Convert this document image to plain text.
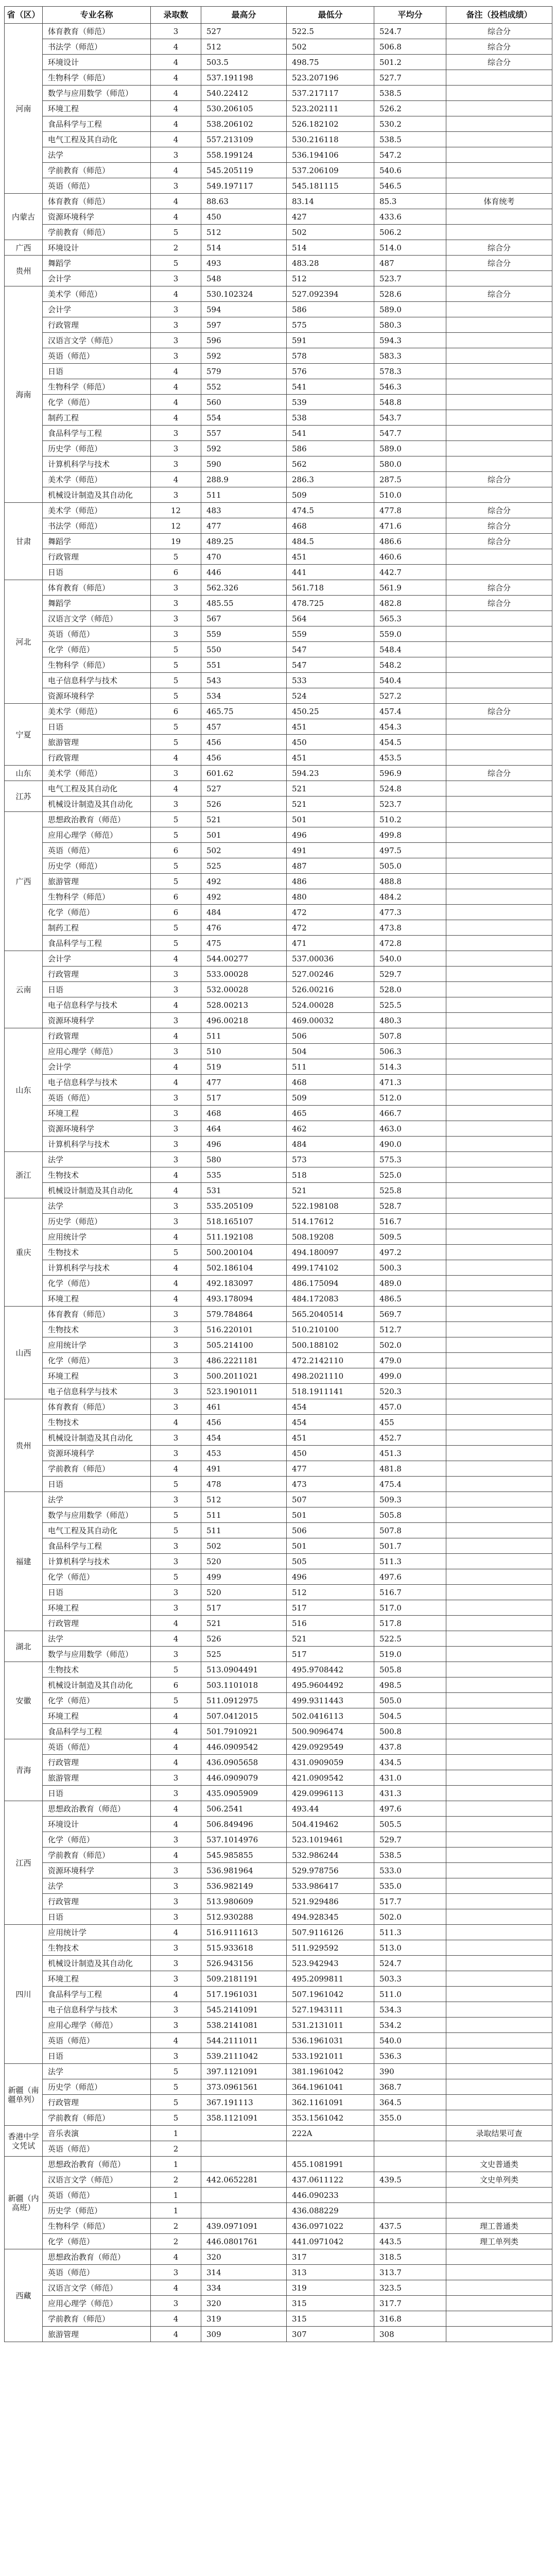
省（区）	专业名称	录取数	最高分	最低分	平均分	备注（投档成绩）
河南	体育教育（师范）	3	527	522.5	524.7	综合分
	书法学（师范）	4	512	502	506.8	综合分
	环境设计	4	503.5	498.75	501.2	综合分
	生物科学（师范）	4	537.191198	523.207196	527.7	
	数学与应用数学（师范）	4	540.22412	537.217117	538.5	
	环境工程	4	530.206105	523.202111	526.2	
	食品科学与工程	4	538.206102	526.182102	530.2	
	电气工程及其自动化	4	557.213109	530.216118	538.5	
	法学	3	558.199124	536.194106	547.2	
	学前教育（师范）	4	545.205119	537.206109	540.6	
	英语（师范）	3	549.197117	545.181115	546.5	
内蒙古	体育教育（师范）	4	88.63	83.14	85.3	体育统考
	资源环境科学	4	450	427	433.6	
	学前教育（师范）	5	512	502	506.2	
广西	环境设计	2	514	514	514.0	综合分
贵州	舞蹈学	5	493	483.28	487	综合分
	会计学	3	548	512	523.7	
海南	美术学（师范）	4	530.102324	527.092394	528.6	综合分
	会计学	3	594	586	589.0	
	行政管理	3	597	575	580.3	
	汉语言文学（师范）	3	596	591	594.3	
	英语（师范）	3	592	578	583.3	
	日语	4	579	576	578.3	
	生物科学（师范）	4	552	541	546.3	
	化学（师范）	4	560	539	548.8	
	制药工程	4	554	538	543.7	
	食品科学与工程	3	557	541	547.7	
	历史学（师范）	3	592	586	589.0	
	计算机科学与技术	3	590	562	580.0	
	美术学（师范）	4	288.9	286.3	287.5	综合分
	机械设计制造及其自动化	3	511	509	510.0	
甘肃	美术学（师范）	12	483	474.5	477.8	综合分
	书法学（师范）	12	477	468	471.6	综合分
	舞蹈学	19	489.25	484.5	486.6	综合分
	行政管理	5	470	451	460.6	
	日语	6	446	441	442.7	
河北	体育教育（师范）	3	562.326	561.718	561.9	综合分
	舞蹈学	3	485.55	478.725	482.8	综合分
	汉语言文学（师范）	3	567	564	565.3	
	英语（师范）	3	559	559	559.0	
	化学（师范）	5	550	547	548.4	
	生物科学（师范）	5	551	547	548.2	
	电子信息科学与技术	5	543	533	540.4	
	资源环境科学	5	534	524	527.2	
宁夏	美术学（师范）	6	465.75	450.25	457.4	综合分
	日语	5	457	451	454.3	
	旅游管理	5	456	450	454.5	
	行政管理	4	456	451	453.5	
山东	美术学（师范）	3	601.62	594.23	596.9	综合分
江苏	电气工程及其自动化	4	527	521	524.8	
	机械设计制造及其自动化	3	526	521	523.7	
广西	思想政治教育（师范）	5	521	501	510.2	
	应用心理学（师范）	5	501	496	499.8	
	英语（师范）	6	502	491	497.5	
	历史学（师范）	5	525	487	505.0	
	旅游管理	5	492	486	488.8	
	生物科学（师范）	6	492	480	484.2	
	化学（师范）	6	484	472	477.3	
	制药工程	5	476	472	473.8	
	食品科学与工程	5	475	471	472.8	
云南	会计学	4	544.00277	537.00036	540.0	
	行政管理	3	533.00028	527.00246	529.7	
	日语	3	532.00028	526.00216	528.0	
	电子信息科学与技术	4	528.00213	524.00028	525.5	
	资源环境科学	3	496.00218	469.00032	480.3	
山东	行政管理	4	511	506	507.8	
	应用心理学（师范）	3	510	504	506.3	
	会计学	4	519	511	514.3	
	电子信息科学与技术	4	477	468	471.3	
	英语（师范）	3	517	509	512.0	
	环境工程	3	468	465	466.7	
	资源环境科学	3	464	462	463.0	
	计算机科学与技术	3	496	484	490.0	
浙江	法学	3	580	573	575.3	
	生物技术	4	535	518	525.0	
	机械设计制造及其自动化	4	531	521	525.8	
重庆	法学	3	535.205109	522.198108	528.7	
	历史学（师范）	3	518.165107	514.17612	516.7	
	应用统计学	4	511.192108	508.19208	509.5	
	生物技术	5	500.200104	494.180097	497.2	
	计算机科学与技术	4	502.186104	499.174102	500.3	
	化学（师范）	4	492.183097	486.175094	489.0	
	环境工程	4	493.178094	484.172083	486.5	
山西	体育教育（师范）	3	579.784864	565.2040514	569.7	
	生物技术	3	516.220101	510.210100	512.7	
	应用统计学	3	505.214100	500.188102	502.0	
	化学（师范）	3	486.2221181	472.2142110	479.0	
	环境工程	3	500.2011021	498.2021110	499.0	
	电子信息科学与技术	3	523.1901011	518.1911141	520.3	
贵州	体育教育（师范）	3	461	454	457.0	
	生物技术	4	456	454	455	
	机械设计制造及其自动化	3	454	451	452.7	
	资源环境科学	3	453	450	451.3	
	学前教育（师范）	4	491	477	481.8	
	日语	5	478	473	475.4	
福建	法学	3	512	507	509.3	
	数学与应用数学（师范）	5	511	501	505.8	
	电气工程及其自动化	5	511	506	507.8	
	食品科学与工程	3	502	501	501.7	
	计算机科学与技术	3	520	505	511.3	
	化学（师范）	5	499	496	497.6	
	日语	3	520	512	516.7	
	环境工程	3	517	517	517.0	
	行政管理	4	521	516	517.8	
湖北	法学	4	526	521	522.5	
	数学与应用数学（师范）	3	525	517	519.0	
安徽	生物技术	5	513.0904491	495.9708442	505.8	
	机械设计制造及其自动化	6	503.1101018	495.9604492	498.5	
	化学（师范）	5	511.0912975	499.9311443	505.0	
	环境工程	4	507.0412015	502.0416113	504.5	
	食品科学与工程	4	501.7910921	500.9096474	500.8	
青海	英语（师范）	4	446.0909542	429.0929549	437.8	
	行政管理	4	436.0905658	431.0909059	434.5	
	旅游管理	3	446.0909079	421.0909542	431.0	
	日语	3	435.0905909	429.0996113	431.3	
江西	思想政治教育（师范）	4	506.2541	493.44	497.6	
	环境设计	4	506.849496	504.419462	505.5	
	化学（师范）	3	537.1014976	523.1019461	529.7	
	学前教育（师范）	4	545.985855	532.986244	538.5	
	资源环境科学	3	536.981964	529.978756	533.0	
	法学	3	536.982149	533.986417	535.0	
	行政管理	3	513.980609	521.929486	517.7	
	日语	3	512.930288	494.928345	502.0	
四川	应用统计学	4	516.9111613	507.9116126	511.3	
	生物技术	3	515.933618	511.929592	513.0	
	机械设计制造及其自动化	3	526.943156	523.942943	524.7	
	环境工程	3	509.2181191	495.2099811	503.3	
	食品科学与工程	4	517.1961031	507.1961042	511.0	
	电子信息科学与技术	3	545.2141091	527.1943111	534.3	
	应用心理学（师范）	3	538.2141081	531.2131011	534.2	
	英语（师范）	4	544.2111011	536.1961031	540.0	
	日语	3	539.2111042	533.1921011	536.3	
新疆（南疆单列）	法学	5	397.1121091	381.1961042	390	
	历史学（师范）	5	373.0961561	364.1961041	368.7	
	行政管理	5	367.191113	362.1161091	364.5	
	学前教育（师范）	5	358.1121091	353.1561042	355.0	
香港中学文凭试	音乐表演	1		222A		录取结果可查
	英语（师范）	2				
新疆（内高班）	思想政治教育（师范）	1		455.1081991		文史普通类
	汉语言文学（师范）	2	442.0652281	437.0611122	439.5	文史单列类
	英语（师范）	1		446.090233		
	历史学（师范）	1		436.088229		
	生物科学（师范）	2	439.0971091	436.0971022	437.5	理工普通类
	化学（师范）	2	446.0801761	441.0971042	443.5	理工单列类
西藏	思想政治教育（师范）	4	320	317	318.5	
	英语（师范）	3	314	313	313.7	
	汉语言文学（师范）	4	334	319	323.5	
	应用心理学（师范）	3	320	315	317.7	
	学前教育（师范）	4	319	315	316.8	
	旅游管理	4	309	307	308	
